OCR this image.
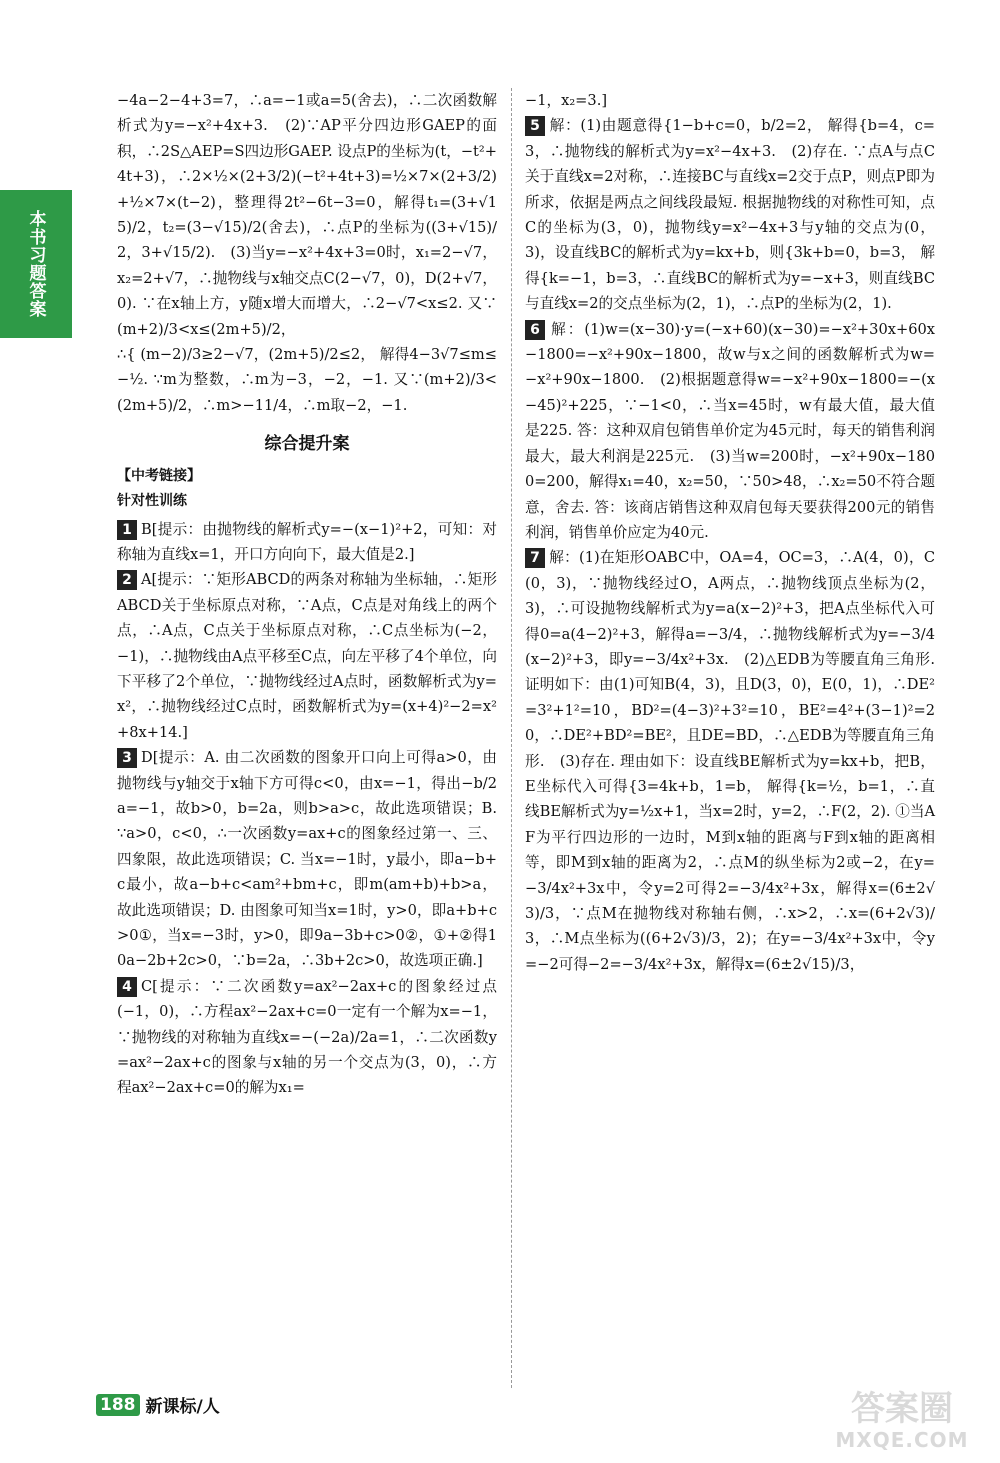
本书习题答案

−4a−2−4+3=7，∴a=−1或a=5(舍去)，∴二次函数解析式为y=−x²+4x+3.　(2)∵AP平分四边形GAEP的面积，∴2S△AEP=S四边形GAEP. 设点P的坐标为(t，−t²+4t+3)，∴2×½×(2+3/2)(−t²+4t+3)=½×7×(2+3/2)+½×7×(t−2)，整理得2t²−6t−3=0，解得t₁=(3+√15)/2，t₂=(3−√15)/2(舍去)，∴点P的坐标为((3+√15)/2，3+√15/2).　(3)当y=−x²+4x+3=0时，x₁=2−√7，x₂=2+√7，∴抛物线与x轴交点C(2−√7，0)，D(2+√7，0). ∵在x轴上方，y随x增大而增大，∴2−√7<x≤2. 又∵(m+2)/3<x≤(2m+5)/2，

∴{ (m−2)/3≥2−√7，(2m+5)/2≤2， 解得4−3√7≤m≤−½. ∵m为整数，∴m为−3，−2，−1. 又∵(m+2)/3<(2m+5)/2，∴m>−11/4，∴m取−2，−1.

综合提升案
【中考链接】
针对性训练

1 B[提示：由抛物线的解析式y=−(x−1)²+2，可知：对称轴为直线x=1，开口方向向下，最大值是2.]

2 A[提示：∵矩形ABCD的两条对称轴为坐标轴，∴矩形ABCD关于坐标原点对称，∵A点，C点是对角线上的两个点，∴A点，C点关于坐标原点对称，∴C点坐标为(−2，−1)，∴抛物线由A点平移至C点，向左平移了4个单位，向下平移了2个单位，∵抛物线经过A点时，函数解析式为y=x²，∴抛物线经过C点时，函数解析式为y=(x+4)²−2=x²+8x+14.]

3 D[提示：A. 由二次函数的图象开口向上可得a>0，由抛物线与y轴交于x轴下方可得c<0，由x=−1，得出−b/2a=−1，故b>0，b=2a，则b>a>c，故此选项错误；B. ∵a>0，c<0，∴一次函数y=ax+c的图象经过第一、三、四象限，故此选项错误；C. 当x=−1时，y最小，即a−b+c最小，故a−b+c<am²+bm+c，即m(am+b)+b>a，故此选项错误；D. 由图象可知当x=1时，y>0，即a+b+c>0①，当x=−3时，y>0，即9a−3b+c>0②，①+②得10a−2b+2c>0，∵b=2a，∴3b+2c>0，故选项正确.]

4 C[提示：∵二次函数y=ax²−2ax+c的图象经过点(−1，0)，∴方程ax²−2ax+c=0一定有一个解为x=−1，∵抛物线的对称轴为直线x=−(−2a)/2a=1，∴二次函数y=ax²−2ax+c的图象与x轴的另一个交点为(3，0)，∴方程ax²−2ax+c=0的解为x₁=

−1，x₂=3.]

5 解：(1)由题意得{1−b+c=0，b/2=2， 解得{b=4，c=3，∴抛物线的解析式为y=x²−4x+3.　(2)存在. ∵点A与点C关于直线x=2对称，∴连接BC与直线x=2交于点P，则点P即为所求，依据是两点之间线段最短. 根据抛物线的对称性可知，点C的坐标为(3，0)，抛物线y=x²−4x+3与y轴的交点为(0，3)，设直线BC的解析式为y=kx+b，则{3k+b=0，b=3， 解得{k=−1，b=3，∴直线BC的解析式为y=−x+3，则直线BC与直线x=2的交点坐标为(2，1)，∴点P的坐标为(2，1).

6 解：(1)w=(x−30)·y=(−x+60)(x−30)=−x²+30x+60x−1800=−x²+90x−1800，故w与x之间的函数解析式为w=−x²+90x−1800.　(2)根据题意得w=−x²+90x−1800=−(x−45)²+225，∵−1<0，∴当x=45时，w有最大值，最大值是225. 答：这种双肩包销售单价定为45元时，每天的销售利润最大，最大利润是225元.　(3)当w=200时，−x²+90x−1800=200，解得x₁=40，x₂=50，∵50>48，∴x₂=50不符合题意，舍去. 答：该商店销售这种双肩包每天要获得200元的销售利润，销售单价应定为40元.

7 解：(1)在矩形OABC中，OA=4，OC=3，∴A(4，0)，C(0，3)，∵抛物线经过O，A两点，∴抛物线顶点坐标为(2，3)，∴可设抛物线解析式为y=a(x−2)²+3，把A点坐标代入可得0=a(4−2)²+3，解得a=−3/4，∴抛物线解析式为y=−3/4(x−2)²+3，即y=−3/4x²+3x.　(2)△EDB为等腰直角三角形. 证明如下：由(1)可知B(4，3)，且D(3，0)，E(0，1)，∴DE²=3²+1²=10，BD²=(4−3)²+3²=10，BE²=4²+(3−1)²=20，∴DE²+BD²=BE²，且DE=BD，∴△EDB为等腰直角三角形.　(3)存在. 理由如下：设直线BE解析式为y=kx+b，把B，E坐标代入可得{3=4k+b，1=b， 解得{k=½，b=1，∴直线BE解析式为y=½x+1，当x=2时，y=2，∴F(2，2). ①当AF为平行四边形的一边时，M到x轴的距离与F到x轴的距离相等，即M到x轴的距离为2，∴点M的纵坐标为2或−2，在y=−3/4x²+3x中，令y=2可得2=−3/4x²+3x，解得x=(6±2√3)/3，∵点M在抛物线对称轴右侧，∴x>2，∴x=(6+2√3)/3，∴M点坐标为((6+2√3)/3，2)；在y=−3/4x²+3x中，令y=−2可得−2=−3/4x²+3x，解得x=(6±2√15)/3，

188 新课标/人	答案圈
MXQE.COM
